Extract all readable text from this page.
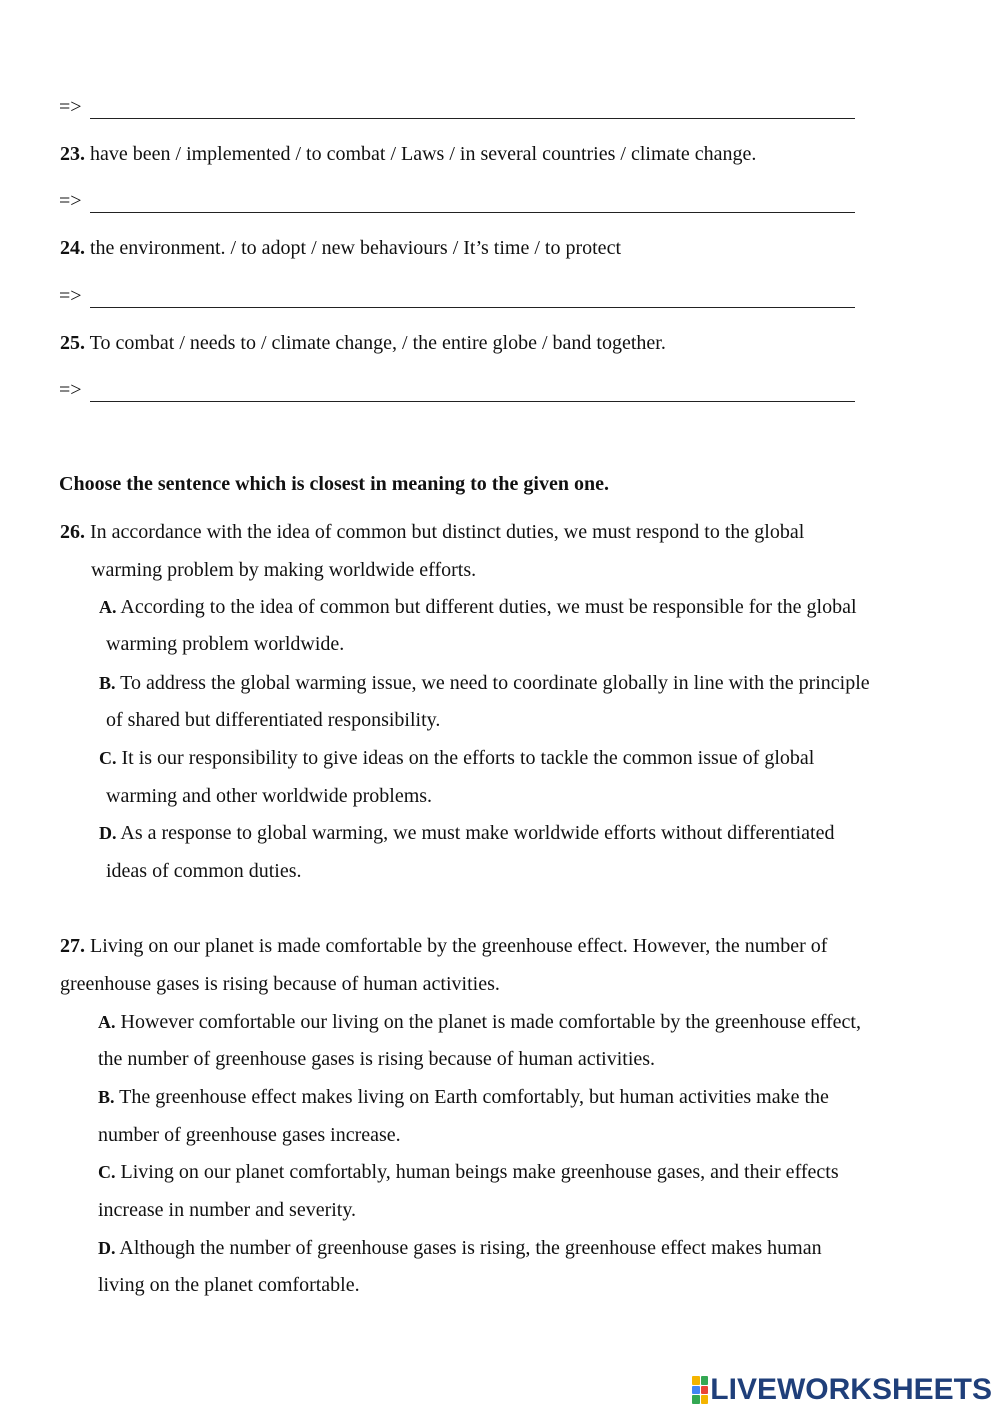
=>
23. have been / implemented / to combat / Laws / in several countries / climate change.
=>
24. the environment. / to adopt / new behaviours / It’s time / to protect
=>
25. To combat / needs to / climate change, / the entire globe / band together.
=>
Choose the sentence which is closest in meaning to the given one.
26. In accordance with the idea of common but distinct duties, we must respond to the global
warming problem by making worldwide efforts.
A. According to the idea of common but different duties, we must be responsible for the global
warming problem worldwide.
B. To address the global warming issue, we need to coordinate globally in line with the principle
of shared but differentiated responsibility.
C. It is our responsibility to give ideas on the efforts to tackle the common issue of global
warming and other worldwide problems.
D. As a response to global warming, we must make worldwide efforts without differentiated
ideas of common duties.
27. Living on our planet is made comfortable by the greenhouse effect. However, the number of
greenhouse gases is rising because of human activities.
A. However comfortable our living on the planet is made comfortable by the greenhouse effect,
the number of greenhouse gases is rising because of human activities.
B. The greenhouse effect makes living on Earth comfortably, but human activities make the
number of greenhouse gases increase.
C. Living on our planet comfortably, human beings make greenhouse gases, and their effects
increase in number and severity.
D. Although the number of greenhouse gases is rising, the greenhouse effect makes human
living on the planet comfortable.
LIVEWORKSHEETS
